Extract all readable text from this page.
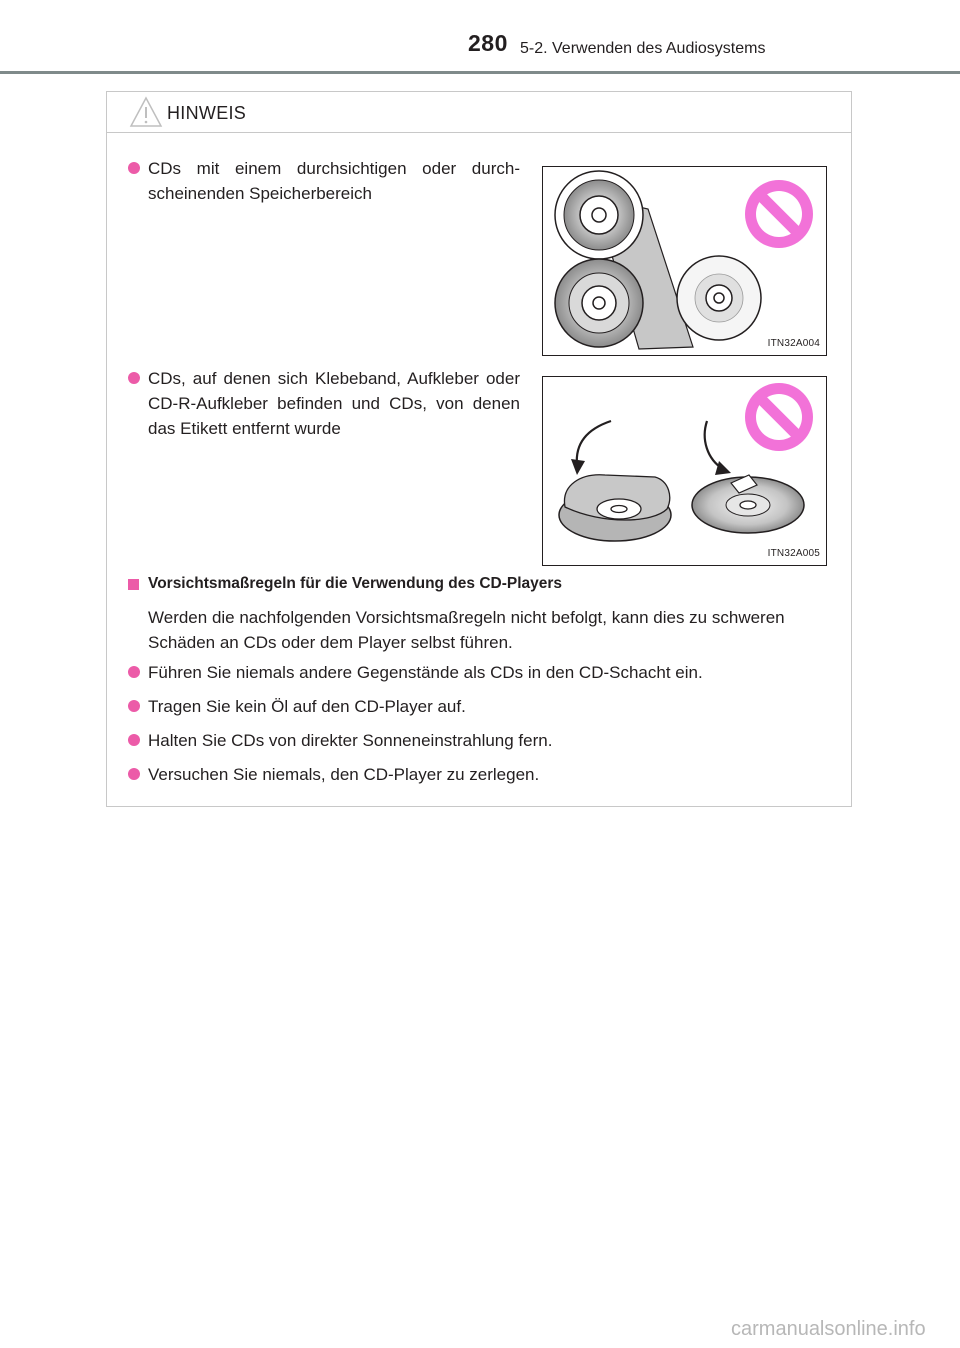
280 5-2. Verwenden des Audiosystems
HINWEIS
CDs mit einem durchsichtigen oder durch-scheinenden Speicherbereich
ITN32A004
CDs, auf denen sich Klebeband, Aufkleber oder CD-R-Aufkleber befinden und CDs, von denen das Etikett entfernt wurde
ITN32A005
Vorsichtsmaßregeln für die Verwendung des CD-Players
Werden die nachfolgenden Vorsichtsmaßregeln nicht befolgt, kann dies zu schweren Schäden an CDs oder dem Player selbst führen.
Führen Sie niemals andere Gegenstände als CDs in den CD-Schacht ein.
Tragen Sie kein Öl auf den CD-Player auf.
Halten Sie CDs von direkter Sonneneinstrahlung fern.
Versuchen Sie niemals, den CD-Player zu zerlegen.
carmanualsonline.info
